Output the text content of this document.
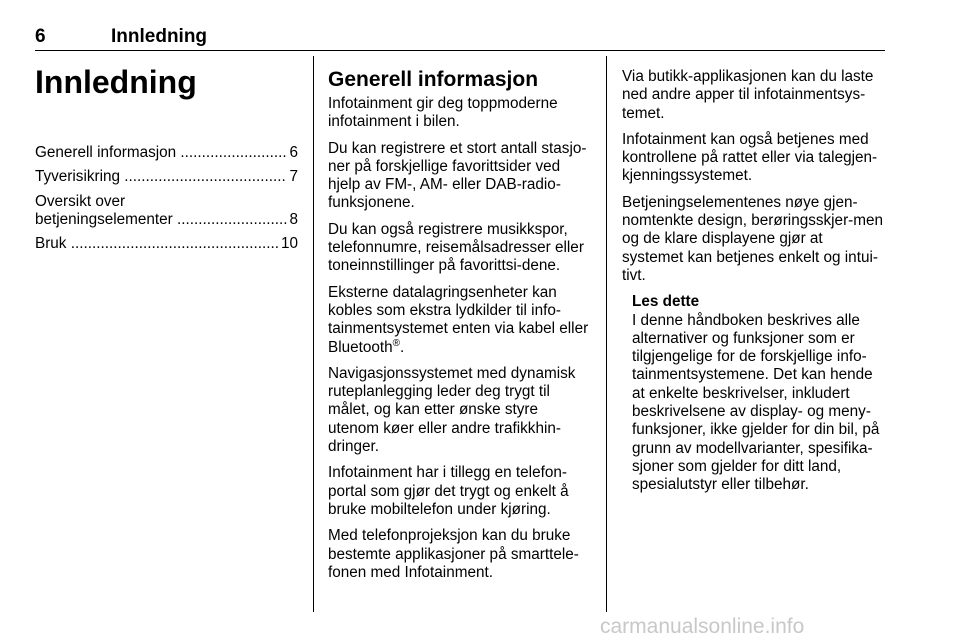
6	Innledning
Innledning
Generell informasjon .....	6
Tyverisikring .....	7
Oversikt over
betjeningselementer .....	8
Bruk .....	10
Generell informasjon

Infotainment gir deg toppmoderne infotainment i bilen.

Du kan registrere et stort antall stasjo-ner på forskjellige favorittsider ved hjelp av FM-, AM- eller DAB-radio-funksjonene.

Du kan også registrere musikkspor, telefonnumre, reisemålsadresser eller toneinnstillinger på favorittsi-dene.

Eksterne datalagringsenheter kan kobles som ekstra lydkilder til info-tainmentsystemet enten via kabel eller Bluetooth®.

Navigasjonssystemet med dynamisk ruteplanlegging leder deg trygt til målet, og kan etter ønske styre utenom køer eller andre trafikkhin-dringer.

Infotainment har i tillegg en telefon-portal som gjør det trygt og enkelt å bruke mobiltelefon under kjøring.

Med telefonprojeksjon kan du bruke bestemte applikasjoner på smarttele-fonen med Infotainment.

Via butikk-applikasjonen kan du laste ned andre apper til infotainmentsys-temet.

Infotainment kan også betjenes med kontrollene på rattet eller via talegjen-kjenningssystemet.

Betjeningselementenes nøye gjen-nomtenkte design, berøringsskjer-men og de klare displayene gjør at systemet kan betjenes enkelt og intui-tivt.

Les dette
I denne håndboken beskrives alle alternativer og funksjoner som er tilgjengelige for de forskjellige info-tainmentsystemene. Det kan hende at enkelte beskrivelser, inkludert beskrivelsene av display- og meny-funksjoner, ikke gjelder for din bil, på grunn av modellvarianter, spesifika-sjoner som gjelder for ditt land, spesialutstyr eller tilbehør.
carmanualsonline.info
